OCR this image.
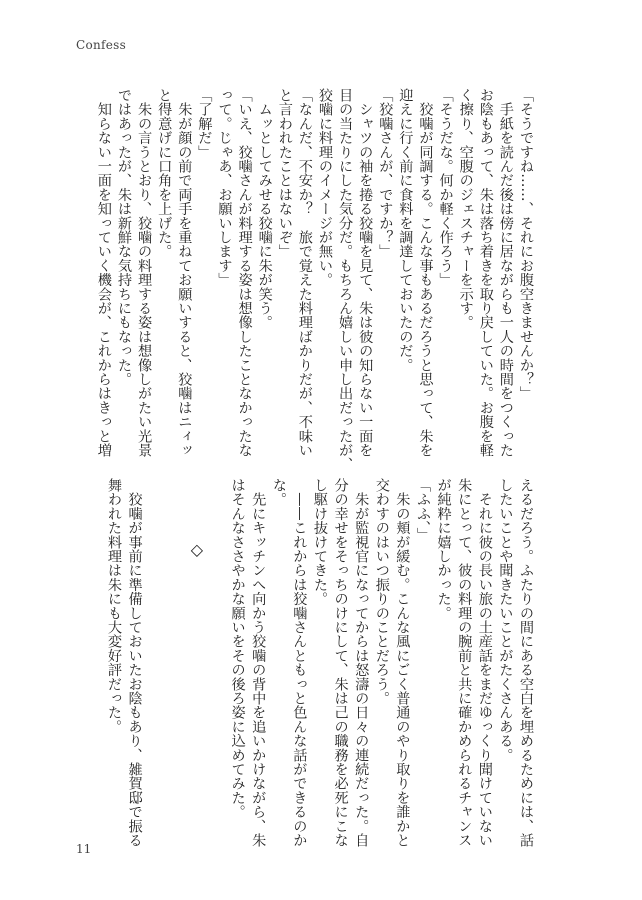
Confess
「そうですね……、それにお腹空きませんか？」
　手紙を読んだ後は傍に居ながらも一人の時間をつくった
お陰もあって、朱は落ち着きを取り戻していた。お腹を軽
く擦り、空腹のジェスチャーを示す。
「そうだな。何か軽く作ろう」
　狡噛が同調する。こんな事もあるだろうと思って、朱を
迎えに行く前に食料を調達しておいたのだ。
「狡噛さんが、ですか？」
　シャツの袖を捲る狡噛を見て、朱は彼の知らない一面を
目の当たりにした気分だ。もちろん嬉しい申し出だったが、
狡噛に料理のイメージが無い。
「なんだ、不安か？　旅で覚えた料理ばかりだが、不味い
と言われたことはないぞ」
　ムッとしてみせる狡噛に朱が笑う。
「いえ、狡噛さんが料理する姿は想像したことなかったな
って。じゃあ、お願いします」
「了解だ」
　朱が顔の前で両手を重ねてお願いすると、狡噛はニィッ
と得意げに口角を上げた。
　朱の言うとおり、狡噛の料理する姿は想像しがたい光景
ではあったが、朱は新鮮な気持ちにもなった。
　知らない一面を知っていく機会が、これからはきっと増
えるだろう。ふたりの間にある空白を埋めるためには、話
したいことや聞きたいことがたくさんある。
　それに彼の長い旅の土産話をまだゆっくり聞けていない
朱にとって、彼の料理の腕前と共に確かめられるチャンス
が純粋に嬉しかった。
「ふふ、」
　朱の頬が緩む。こんな風にごく普通のやり取りを誰かと
交わすのはいつ振りのことだろう。
　朱が監視官になってからは怒濤の日々の連続だった。自
分の幸せをそっちのけにして、朱は己の職務を必死にこな
し駆け抜けてきた。
　——これからは狡噛さんともっと色んな話ができるのか
な。
　先にキッチンへ向かう狡噛の背中を追いかけながら、朱
はそんなささやかな願いをその後ろ姿に込めてみた。
◇
　狡噛が事前に準備しておいたお陰もあり、雑賀邸で振る
舞われた料理は朱にも大変好評だった。
11
